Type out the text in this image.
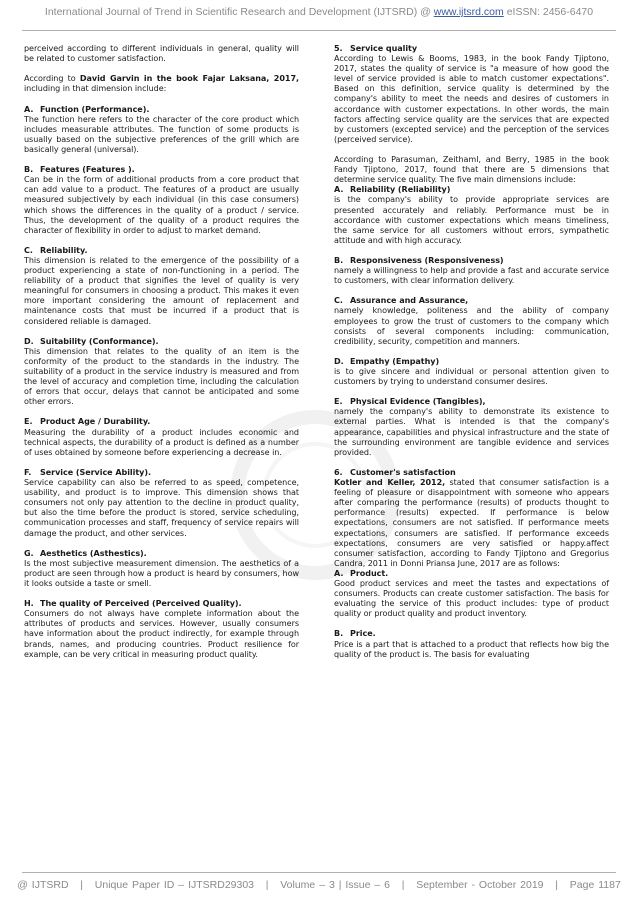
International Journal of Trend in Scientific Research and Development (IJTSRD) @ www.ijtsrd.com eISSN: 2456-6470

perceived according to different individuals in general, quality will be related to customer satisfaction.

According to David Garvin in the book Fajar Laksana, 2017, including in that dimension include:

A. Function (Performance).

The function here refers to the character of the core product which includes measurable attributes. The function of some products is usually based on the subjective preferences of the grill which are basically general (universal).

B. Features (Features ).

Can be in the form of additional products from a core product that can add value to a product. The features of a product are usually measured subjectively by each individual (in this case consumers) which shows the differences in the quality of a product / service. Thus, the development of the quality of a product requires the character of flexibility in order to adjust to market demand.

C. Reliability.

This dimension is related to the emergence of the possibility of a product experiencing a state of non-functioning in a period. The reliability of a product that signifies the level of quality is very meaningful for consumers in choosing a product. This makes it even more important considering the amount of replacement and maintenance costs that must be incurred if a product that is considered reliable is damaged.

D. Suitability (Conformance).

This dimension that relates to the quality of an item is the conformity of the product to the standards in the industry. The suitability of a product in the service industry is measured and from the level of accuracy and completion time, including the calculation of errors that occur, delays that cannot be anticipated and some other errors.

E. Product Age / Durability.

Measuring the durability of a product includes economic and technical aspects, the durability of a product is defined as a number of uses obtained by someone before experiencing a decrease in.

F. Service (Service Ability).

Service capability can also be referred to as speed, competence, usability, and product is to improve. This dimension shows that consumers not only pay attention to the decline in product quality, but also the time before the product is stored, service scheduling, communication processes and staff, frequency of service repairs will damage the product, and other services.

G. Aesthetics (Asthestics).

Is the most subjective measurement dimension. The aesthetics of a product are seen through how a product is heard by consumers, how it looks outside a taste or smell.

H. The quality of Perceived (Perceived Quality).

Consumers do not always have complete information about the attributes of products and services. However, usually consumers have information about the product indirectly, for example through brands, names, and producing countries. Product resilience for example, can be very critical in measuring product quality.

5. Service quality

According to Lewis & Booms, 1983, in the book Fandy Tjiptono, 2017, states the quality of service is "a measure of how good the level of service provided is able to match customer expectations". Based on this definition, service quality is determined by the company's ability to meet the needs and desires of customers in accordance with customer expectations. In other words, the main factors affecting service quality are the services that are expected by customers (excepted service) and the perception of the services (perceived service).

According to Parasuman, Zeithaml, and Berry, 1985 in the book Fandy Tjiptono, 2017, found that there are 5 dimensions that determine service quality. The five main dimensions include:

A. Reliability (Reliability)

is the company's ability to provide appropriate services are presented accurately and reliably. Performance must be in accordance with customer expectations which means timeliness, the same service for all customers without errors, sympathetic attitude and with high accuracy.

B. Responsiveness (Responsiveness)

namely a willingness to help and provide a fast and accurate service to customers, with clear information delivery.

C. Assurance and Assurance,

namely knowledge, politeness and the ability of company employees to grow the trust of customers to the company which consists of several components including: communication, credibility, security, competition and manners.

D. Empathy (Empathy)

is to give sincere and individual or personal attention given to customers by trying to understand consumer desires.

E. Physical Evidence (Tangibles),

namely the company's ability to demonstrate its existence to external parties. What is intended is that the company's appearance, capabilities and physical infrastructure and the state of the surrounding environment are tangible evidence and services provided.

6. Customer's satisfaction

Kotler and Keller, 2012, stated that consumer satisfaction is a feeling of pleasure or disappointment with someone who appears after comparing the performance (results) of products thought to performance (results) expected. If performance is below expectations, consumers are not satisfied. If performance meets expectations, consumers are satisfied. If performance exceeds expectations, consumers are very satisfied or happy.affect consumer satisfaction, according to Fandy Tjiptono and Gregorius Candra, 2011 in Donni Priansa June, 2017 are as follows:

A. Product.

Good product services and meet the tastes and expectations of consumers. Products can create customer satisfaction. The basis for evaluating the service of this product includes: type of product quality or product quality and product inventory.

B. Price.

Price is a part that is attached to a product that reflects how big the quality of the product is. The basis for evaluating

@ IJTSRD   |   Unique Paper ID – IJTSRD29303   |   Volume – 3 | Issue – 6   |   September - October 2019   |   Page 1187
